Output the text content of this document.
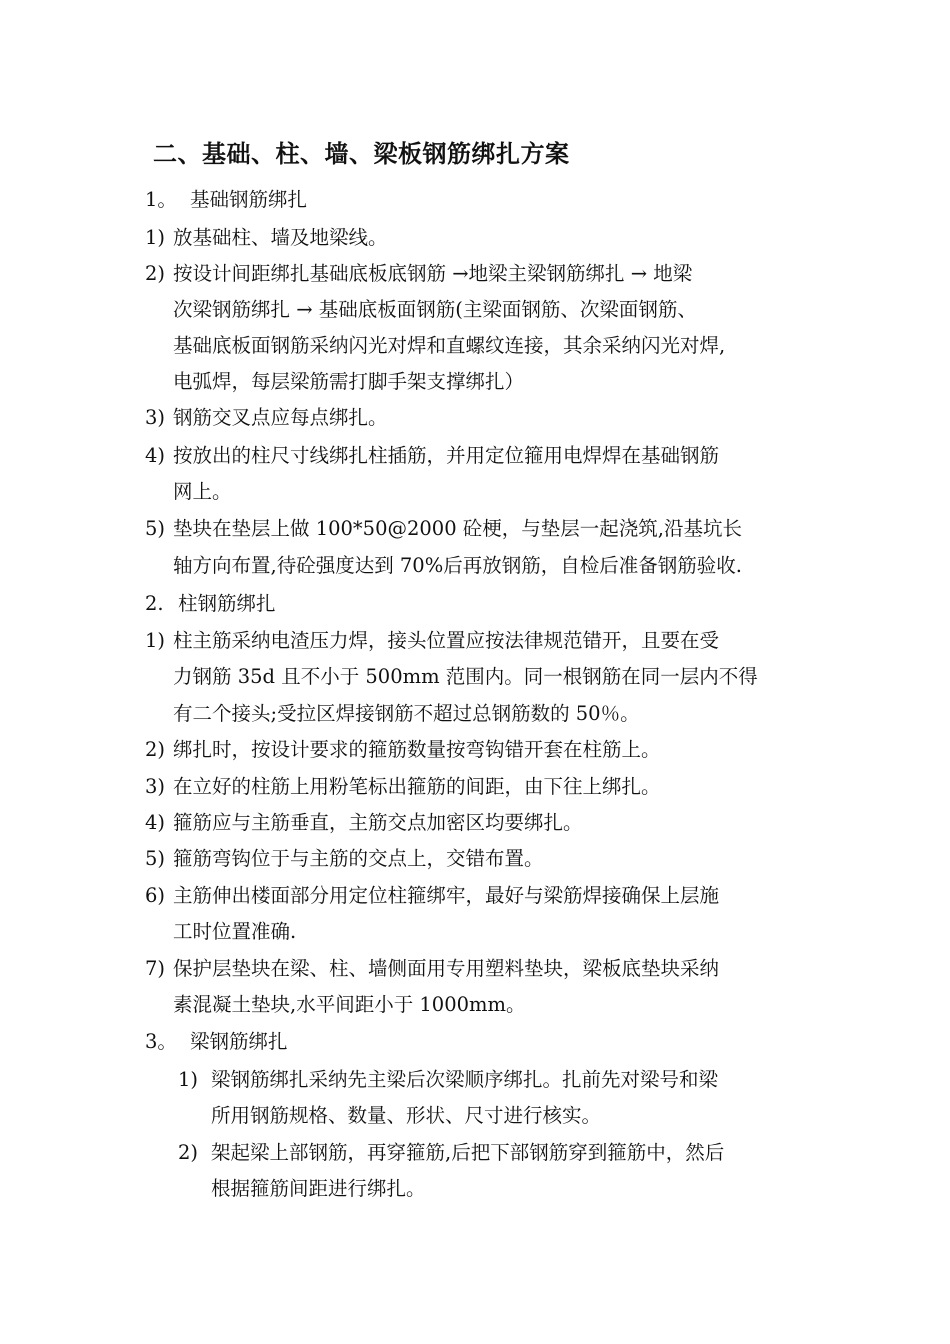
二、基础、柱、墙、梁板钢筋绑扎方案
1。 基础钢筋绑扎
1) 放基础柱、墙及地梁线。
2) 按设计间距绑扎基础底板底钢筋 →地梁主梁钢筋绑扎 → 地梁
次梁钢筋绑扎 → 基础底板面钢筋(主梁面钢筋、次梁面钢筋、
基础底板面钢筋采纳闪光对焊和直螺纹连接，其余采纳闪光对焊,
电弧焊，每层梁筋需打脚手架支撑绑扎）
3) 钢筋交叉点应每点绑扎。
4) 按放出的柱尺寸线绑扎柱插筋，并用定位箍用电焊焊在基础钢筋
网上。
5) 垫块在垫层上做 100*50@2000 砼梗，与垫层一起浇筑,沿基坑长
轴方向布置,待砼强度达到 70%后再放钢筋，自检后准备钢筋验收.
2. 柱钢筋绑扎
1) 柱主筋采纳电渣压力焊，接头位置应按法律规范错开，且要在受
力钢筋 35d 且不小于 500mm 范围内。同一根钢筋在同一层内不得
有二个接头;受拉区焊接钢筋不超过总钢筋数的 50％。
2) 绑扎时，按设计要求的箍筋数量按弯钩错开套在柱筋上。
3) 在立好的柱筋上用粉笔标出箍筋的间距，由下往上绑扎。
4) 箍筋应与主筋垂直，主筋交点加密区均要绑扎。
5) 箍筋弯钩位于与主筋的交点上，交错布置。
6) 主筋伸出楼面部分用定位柱箍绑牢，最好与梁筋焊接确保上层施
工时位置准确.
7) 保护层垫块在梁、柱、墙侧面用专用塑料垫块，梁板底垫块采纳
素混凝土垫块,水平间距小于 1000mm。
3。 梁钢筋绑扎
1) 梁钢筋绑扎采纳先主梁后次梁顺序绑扎。扎前先对梁号和梁
所用钢筋规格、数量、形状、尺寸进行核实。
2) 架起梁上部钢筋，再穿箍筋,后把下部钢筋穿到箍筋中，然后
根据箍筋间距进行绑扎。
